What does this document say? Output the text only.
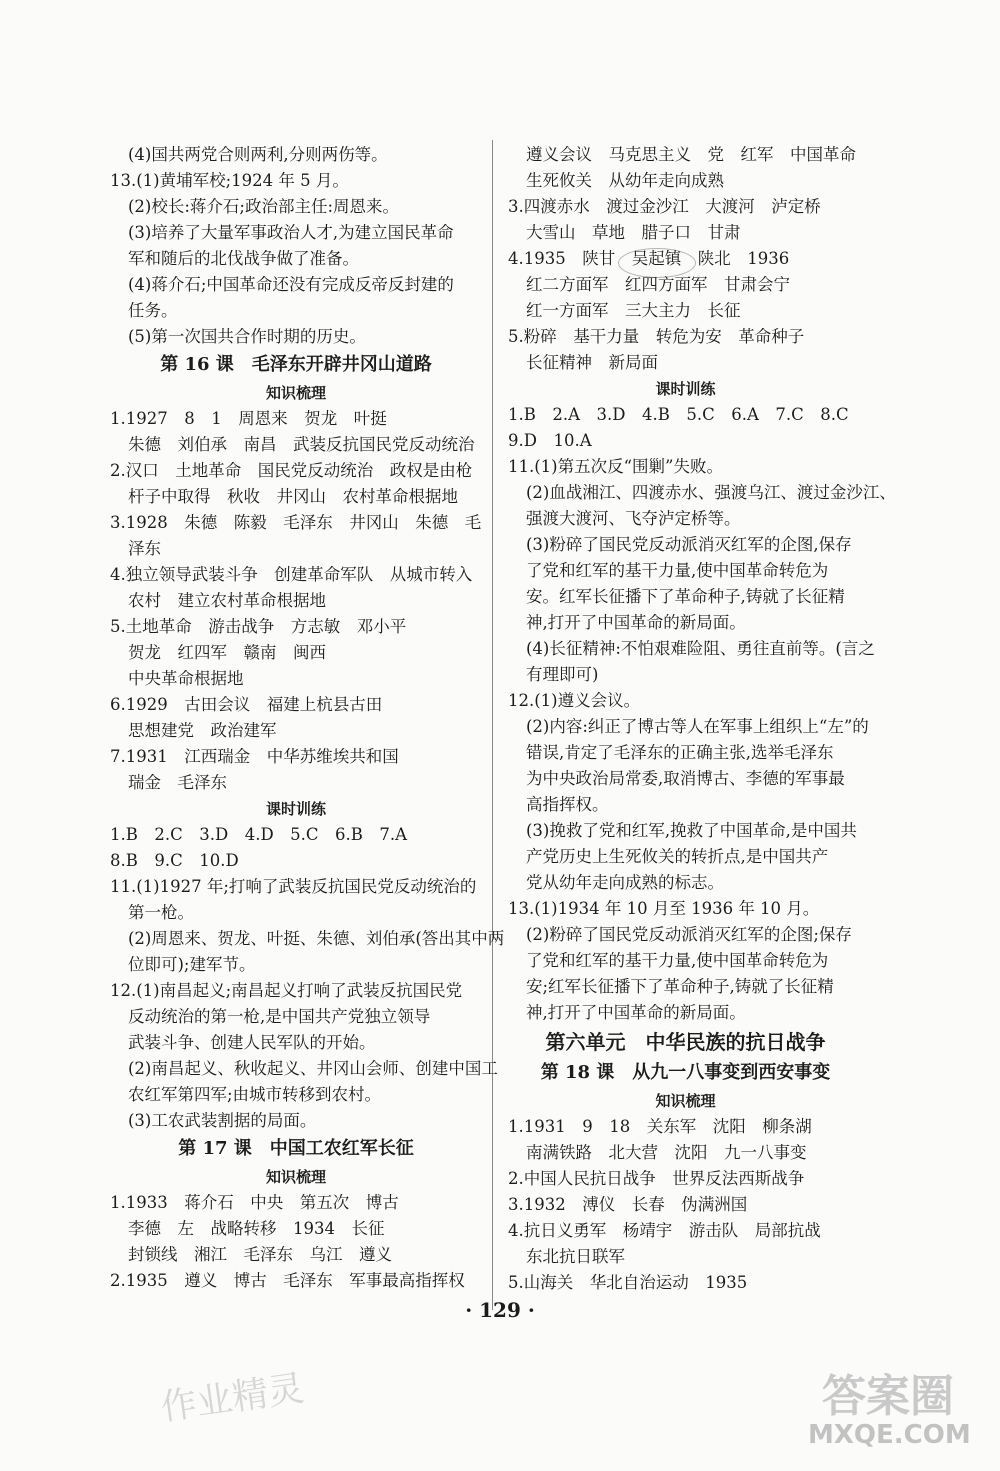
(4)国共两党合则两利,分则两伤等。
13.(1)黄埔军校;1924 年 5 月。
(2)校长:蒋介石;政治部主任:周恩来。
(3)培养了大量军事政治人才,为建立国民革命
军和随后的北伐战争做了准备。
(4)蒋介石;中国革命还没有完成反帝反封建的
任务。
(5)第一次国共合作时期的历史。
第 16 课　毛泽东开辟井冈山道路
知识梳理
1.1927　8　1　周恩来　贺龙　叶挺
朱德　刘伯承　南昌　武装反抗国民党反动统治
2.汉口　土地革命　国民党反动统治　政权是由枪
杆子中取得　秋收　井冈山　农村革命根据地
3.1928　朱德　陈毅　毛泽东　井冈山　朱德　毛
泽东
4.独立领导武装斗争　创建革命军队　从城市转入
农村　建立农村革命根据地
5.土地革命　游击战争　方志敏　邓小平
贺龙　红四军　赣南　闽西
中央革命根据地
6.1929　古田会议　福建上杭县古田
思想建党　政治建军
7.1931　江西瑞金　中华苏维埃共和国
瑞金　毛泽东
课时训练
1.B　2.C　3.D　4.D　5.C　6.B　7.A
8.B　9.C　10.D
11.(1)1927 年;打响了武装反抗国民党反动统治的
第一枪。
(2)周恩来、贺龙、叶挺、朱德、刘伯承(答出其中两
位即可);建军节。
12.(1)南昌起义;南昌起义打响了武装反抗国民党
反动统治的第一枪,是中国共产党独立领导
武装斗争、创建人民军队的开始。
(2)南昌起义、秋收起义、井冈山会师、创建中国工
农红军第四军;由城市转移到农村。
(3)工农武装割据的局面。
第 17 课　中国工农红军长征
知识梳理
1.1933　蒋介石　中央　第五次　博古
李德　左　战略转移　1934　长征
封锁线　湘江　毛泽东　乌江　遵义
2.1935　遵义　博古　毛泽东　军事最高指挥权
遵义会议　马克思主义　党　红军　中国革命
生死攸关　从幼年走向成熟
3.四渡赤水　渡过金沙江　大渡河　泸定桥
大雪山　草地　腊子口　甘肃
4.1935　陕甘　吴起镇　陕北　1936
红二方面军　红四方面军　甘肃会宁
红一方面军　三大主力　长征
5.粉碎　基干力量　转危为安　革命种子
长征精神　新局面
课时训练
1.B　2.A　3.D　4.B　5.C　6.A　7.C　8.C
9.D　10.A
11.(1)第五次反“围剿”失败。
(2)血战湘江、四渡赤水、强渡乌江、渡过金沙江、
强渡大渡河、飞夺泸定桥等。
(3)粉碎了国民党反动派消灭红军的企图,保存
了党和红军的基干力量,使中国革命转危为
安。红军长征播下了革命种子,铸就了长征精
神,打开了中国革命的新局面。
(4)长征精神:不怕艰难险阻、勇往直前等。(言之
有理即可)
12.(1)遵义会议。
(2)内容:纠正了博古等人在军事上组织上“左”的
错误,肯定了毛泽东的正确主张,选举毛泽东
为中央政治局常委,取消博古、李德的军事最
高指挥权。
(3)挽救了党和红军,挽救了中国革命,是中国共
产党历史上生死攸关的转折点,是中国共产
党从幼年走向成熟的标志。
13.(1)1934 年 10 月至 1936 年 10 月。
(2)粉碎了国民党反动派消灭红军的企图;保存
了党和红军的基干力量,使中国革命转危为
安;红军长征播下了革命种子,铸就了长征精
神,打开了中国革命的新局面。
第六单元　中华民族的抗日战争
第 18 课　从九一八事变到西安事变
知识梳理
1.1931　9　18　关东军　沈阳　柳条湖
南满铁路　北大营　沈阳　九一八事变
2.中国人民抗日战争　世界反法西斯战争
3.1932　溥仪　长春　伪满洲国
4.抗日义勇军　杨靖宇　游击队　局部抗战
东北抗日联军
5.山海关　华北自治运动　1935
· 129 ·
作业精灵	答案圈
MXQE.COM
